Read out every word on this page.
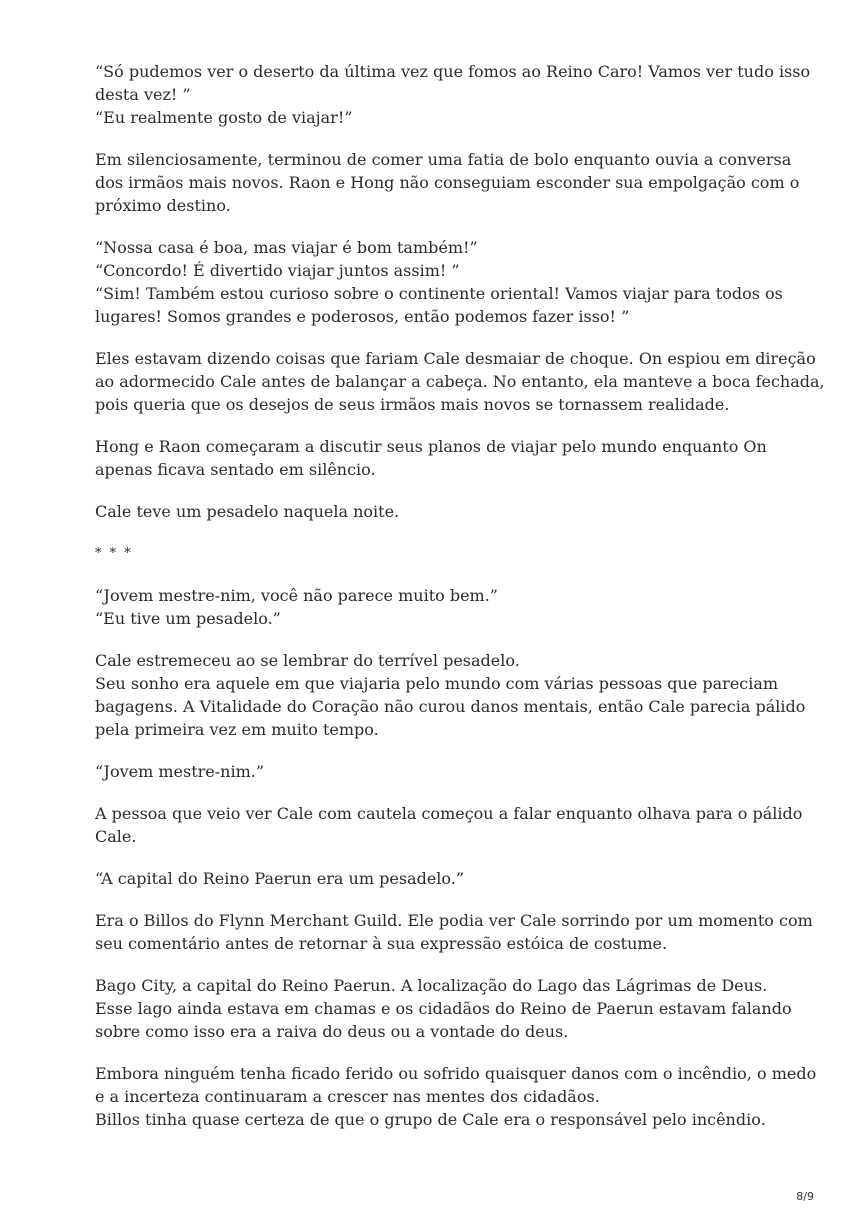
“Só pudemos ver o deserto da última vez que fomos ao Reino Caro! Vamos ver tudo isso
desta vez! ”
“Eu realmente gosto de viajar!”

Em silenciosamente, terminou de comer uma fatia de bolo enquanto ouvia a conversa
dos irmãos mais novos. Raon e Hong não conseguiam esconder sua empolgação com o
próximo destino.

“Nossa casa é boa, mas viajar é bom também!”
“Concordo! É divertido viajar juntos assim! ”
“Sim! Também estou curioso sobre o continente oriental! Vamos viajar para todos os
lugares! Somos grandes e poderosos, então podemos fazer isso! ”

Eles estavam dizendo coisas que fariam Cale desmaiar de choque. On espiou em direção
ao adormecido Cale antes de balançar a cabeça. No entanto, ela manteve a boca fechada,
pois queria que os desejos de seus irmãos mais novos se tornassem realidade.

Hong e Raon começaram a discutir seus planos de viajar pelo mundo enquanto On
apenas ficava sentado em silêncio.

Cale teve um pesadelo naquela noite.

* * *

“Jovem mestre-nim, você não parece muito bem.”
“Eu tive um pesadelo.”

Cale estremeceu ao se lembrar do terrível pesadelo.
Seu sonho era aquele em que viajaria pelo mundo com várias pessoas que pareciam
bagagens. A Vitalidade do Coração não curou danos mentais, então Cale parecia pálido
pela primeira vez em muito tempo.

“Jovem mestre-nim.”

A pessoa que veio ver Cale com cautela começou a falar enquanto olhava para o pálido
Cale.

“A capital do Reino Paerun era um pesadelo.”

Era o Billos do Flynn Merchant Guild. Ele podia ver Cale sorrindo por um momento com
seu comentário antes de retornar à sua expressão estóica de costume.

Bago City, a capital do Reino Paerun. A localização do Lago das Lágrimas de Deus.
Esse lago ainda estava em chamas e os cidadãos do Reino de Paerun estavam falando
sobre como isso era a raiva do deus ou a vontade do deus.

Embora ninguém tenha ficado ferido ou sofrido quaisquer danos com o incêndio, o medo
e a incerteza continuaram a crescer nas mentes dos cidadãos.
Billos tinha quase certeza de que o grupo de Cale era o responsável pelo incêndio.

8/9
